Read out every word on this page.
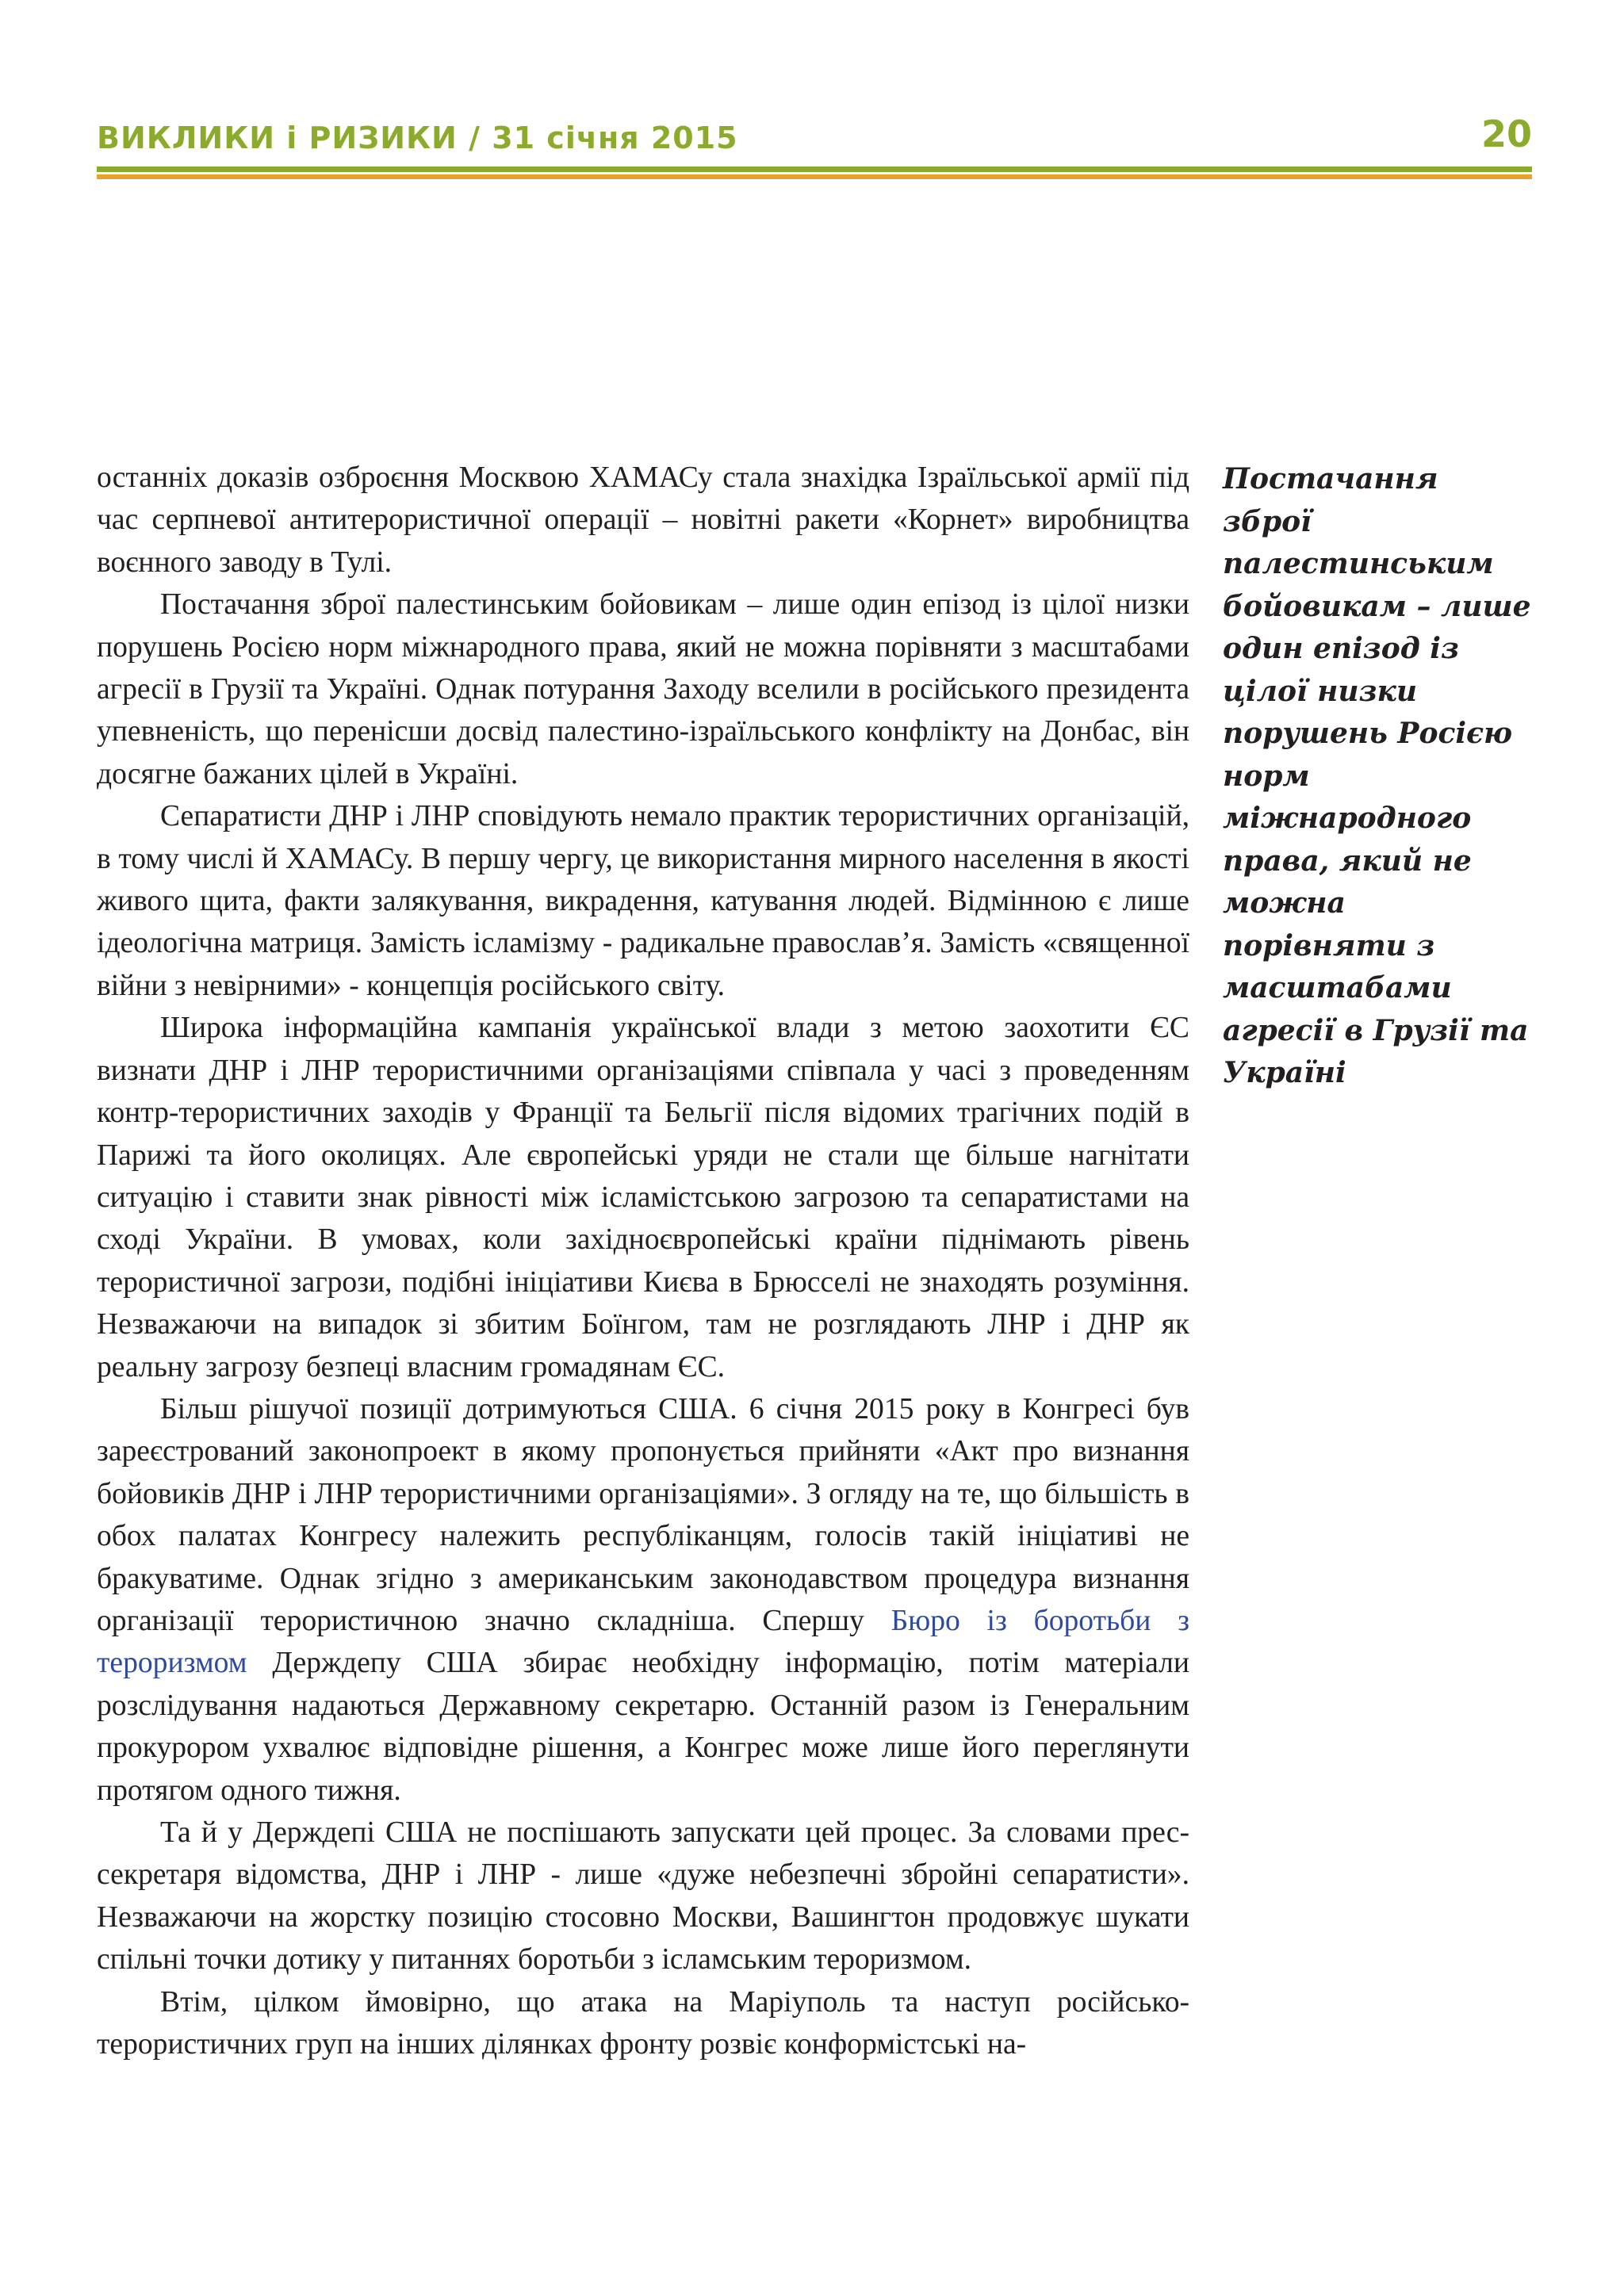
ВИКЛИКИ і РИЗИКИ / 31 січня 2015	20

останніх доказів озброєння Москвою ХАМАСу стала знахідка Ізраїльської армії під час серпневої антитерористичної операції – новітні ракети «Корнет» виробництва воєнного заводу в Тулі.

Постачання зброї палестинським бойовикам – лише один епізод із цілої низки порушень Росією норм міжнародного права, який не можна порівняти з масштабами агресії в Грузії та Україні. Однак потурання Заходу вселили в російського президента упевненість, що перенісши досвід палестино-ізраїльського конфлікту на Донбас, він досягне бажаних цілей в Україні.

Сепаратисти ДНР і ЛНР сповідують немало практик терористичних організацій, в тому числі й ХАМАСу. В першу чергу, це використання мирного населення в якості живого щита, факти залякування, викрадення, катування людей. Відмінною є лише ідеологічна матриця. Замість ісламізму - радикальне православ’я. Замість «священної війни з невірними» - концепція російського світу.

Широка інформаційна кампанія української влади з метою заохотити ЄС визнати ДНР і ЛНР терористичними організаціями співпала у часі з проведенням контр-терористичних заходів у Франції та Бельгії після відомих трагічних подій в Парижі та його околицях. Але європейські уряди не стали ще більше нагнітати ситуацію і ставити знак рівності між ісламістською загрозою та сепаратистами на сході України. В умовах, коли західноєвропейські країни піднімають рівень терористичної загрози, подібні ініціативи Києва в Брюсселі не знаходять розуміння. Незважаючи на випадок зі збитим Боїнгом, там не розглядають ЛНР і ДНР як реальну загрозу безпеці власним громадянам ЄС.

Більш рішучої позиції дотримуються США. 6 січня 2015 року в Конгресі був зареєстрований законопроект в якому пропонується прийняти «Акт про визнання бойовиків ДНР і ЛНР терористичними організаціями». З огляду на те, що більшість в обох палатах Конгресу належить республіканцям, голосів такій ініціативі не бракуватиме. Однак згідно з американським законодавством процедура визнання організації терористичною значно складніша. Спершу Бюро із боротьби з тероризмом Держдепу США збирає необхідну інформацію, потім матеріали розслідування надаються Державному секретарю. Останній разом із Генеральним прокурором ухвалює відповідне рішення, а Конгрес може лише його переглянути протягом одного тижня.

Та й у Держдепі США не поспішають запускати цей процес. За словами прес-секретаря відомства, ДНР і ЛНР - лише «дуже небезпечні збройні сепаратисти». Незважаючи на жорстку позицію стосовно Москви, Вашингтон продовжує шукати спільні точки дотику у питаннях боротьби з ісламським тероризмом.

Втім, цілком ймовірно, що атака на Маріуполь та наступ російсько-терористичних груп на інших ділянках фронту розвіє конформістські на-

Постачання зброї палестинським бойовикам – лише один епізод із цілої низки порушень Росією норм міжнародного права, який не можна порівняти з масштабами агресії в Грузії та Україні
